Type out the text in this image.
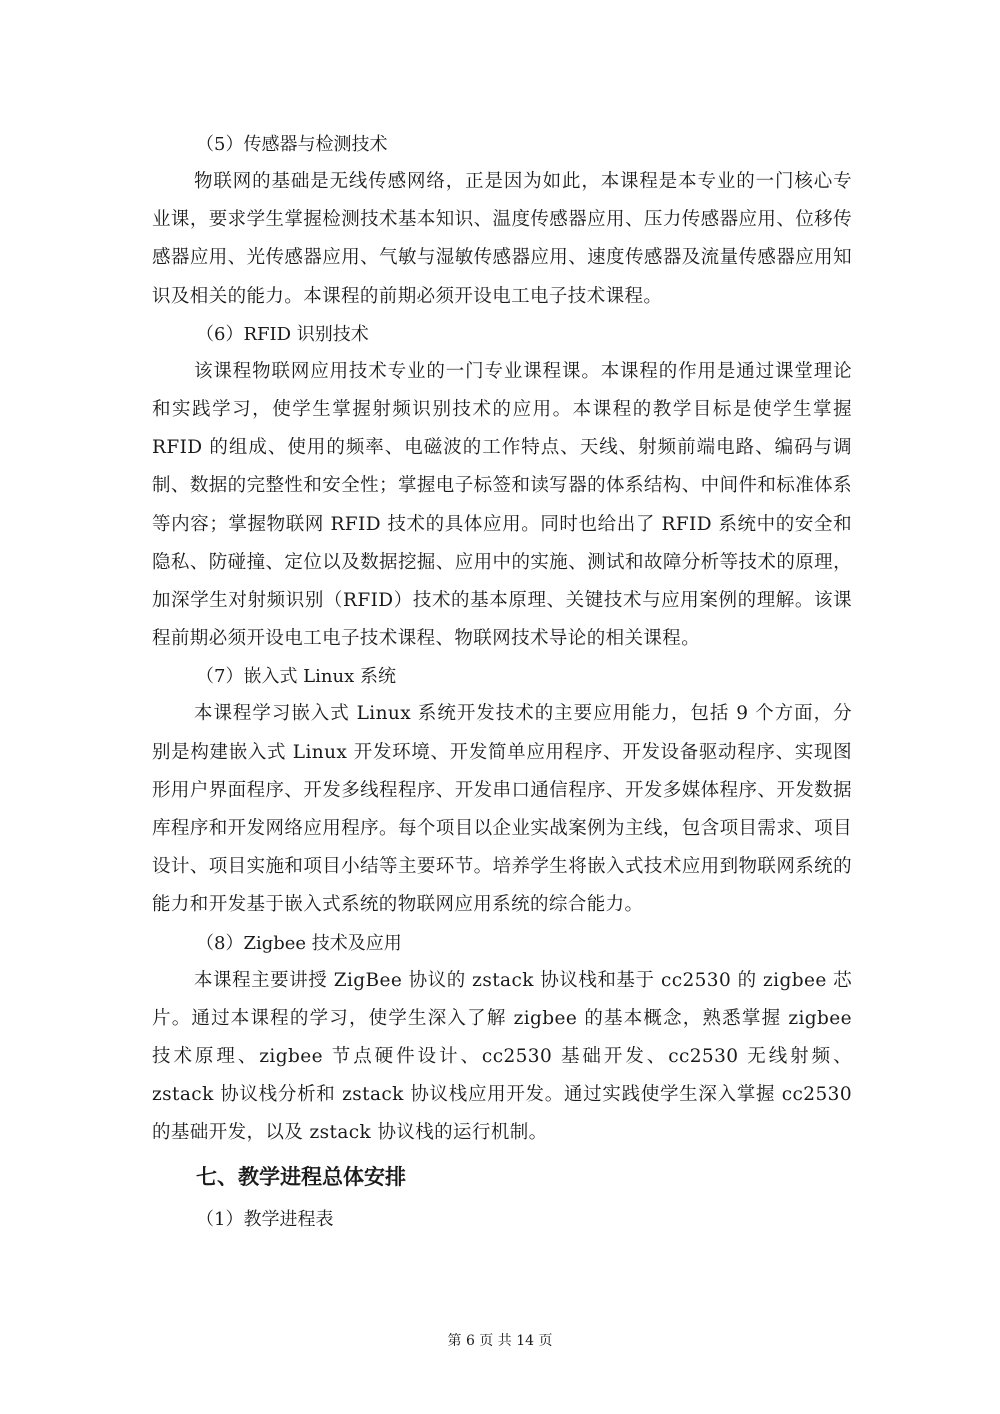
（5）传感器与检测技术

物联网的基础是无线传感网络，正是因为如此，本课程是本专业的一门核心专业课，要求学生掌握检测技术基本知识、温度传感器应用、压力传感器应用、位移传感器应用、光传感器应用、气敏与湿敏传感器应用、速度传感器及流量传感器应用知识及相关的能力。本课程的前期必须开设电工电子技术课程。

（6）RFID 识别技术

该课程物联网应用技术专业的一门专业课程课。本课程的作用是通过课堂理论和实践学习，使学生掌握射频识别技术的应用。本课程的教学目标是使学生掌握 RFID 的组成、使用的频率、电磁波的工作特点、天线、射频前端电路、编码与调制、数据的完整性和安全性；掌握电子标签和读写器的体系结构、中间件和标准体系等内容；掌握物联网 RFID 技术的具体应用。同时也给出了 RFID 系统中的安全和隐私、防碰撞、定位以及数据挖掘、应用中的实施、测试和故障分析等技术的原理，加深学生对射频识别（RFID）技术的基本原理、关键技术与应用案例的理解。该课程前期必须开设电工电子技术课程、物联网技术导论的相关课程。

（7）嵌入式 Linux 系统

本课程学习嵌入式 Linux 系统开发技术的主要应用能力，包括 9 个方面，分别是构建嵌入式 Linux 开发环境、开发简单应用程序、开发设备驱动程序、实现图形用户界面程序、开发多线程程序、开发串口通信程序、开发多媒体程序、开发数据库程序和开发网络应用程序。每个项目以企业实战案例为主线，包含项目需求、项目设计、项目实施和项目小结等主要环节。培养学生将嵌入式技术应用到物联网系统的能力和开发基于嵌入式系统的物联网应用系统的综合能力。

（8）Zigbee 技术及应用

本课程主要讲授 ZigBee 协议的 zstack 协议栈和基于 cc2530 的 zigbee 芯片。通过本课程的学习，使学生深入了解 zigbee 的基本概念，熟悉掌握 zigbee 技术原理、zigbee 节点硬件设计、cc2530 基础开发、cc2530 无线射频、zstack 协议栈分析和 zstack 协议栈应用开发。通过实践使学生深入掌握 cc2530 的基础开发，以及 zstack 协议栈的运行机制。

七、教学进程总体安排

（1）教学进程表

第 6 页 共 14 页
